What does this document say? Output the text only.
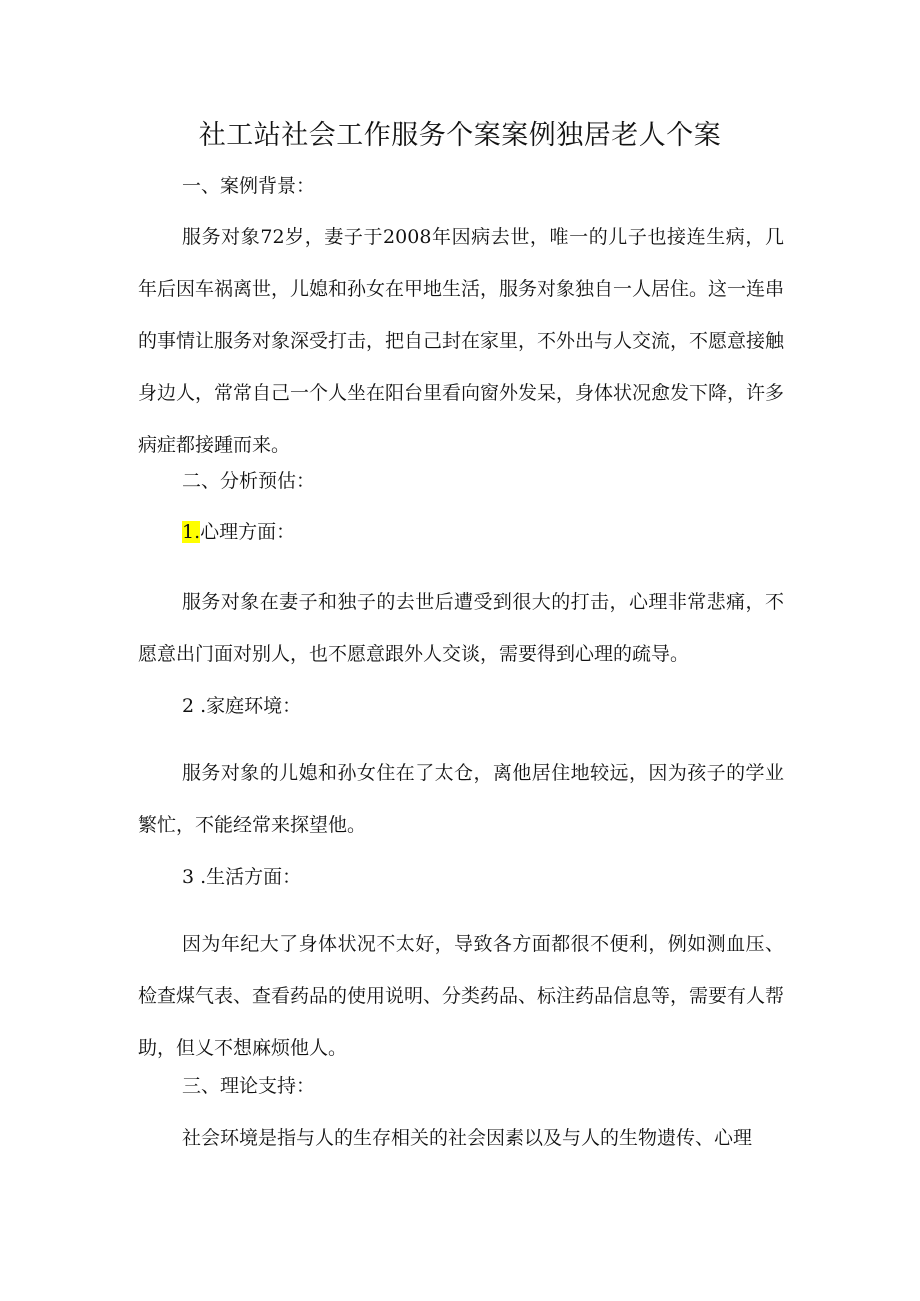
社工站社会工作服务个案案例独居老人个案

一、案例背景：

服务对象72岁，妻子于2008年因病去世，唯一的儿子也接连生病，几年后因车祸离世，儿媳和孙女在甲地生活，服务对象独自一人居住。这一连串的事情让服务对象深受打击，把自己封在家里，不外出与人交流，不愿意接触身边人，常常自己一个人坐在阳台里看向窗外发呆，身体状况愈发下降，许多病症都接踵而来。

二、分析预估：

1.心理方面：

服务对象在妻子和独子的去世后遭受到很大的打击，心理非常悲痛，不愿意出门面对别人，也不愿意跟外人交谈，需要得到心理的疏导。

2 .家庭环境：

服务对象的儿媳和孙女住在了太仓，离他居住地较远，因为孩子的学业繁忙，不能经常来探望他。

3 .生活方面：

因为年纪大了身体状况不太好，导致各方面都很不便利，例如测血压、检查煤气表、查看药品的使用说明、分类药品、标注药品信息等，需要有人帮助，但乂不想麻烦他人。

三、理论支持：

社会环境是指与人的生存相关的社会因素以及与人的生物遗传、心理
